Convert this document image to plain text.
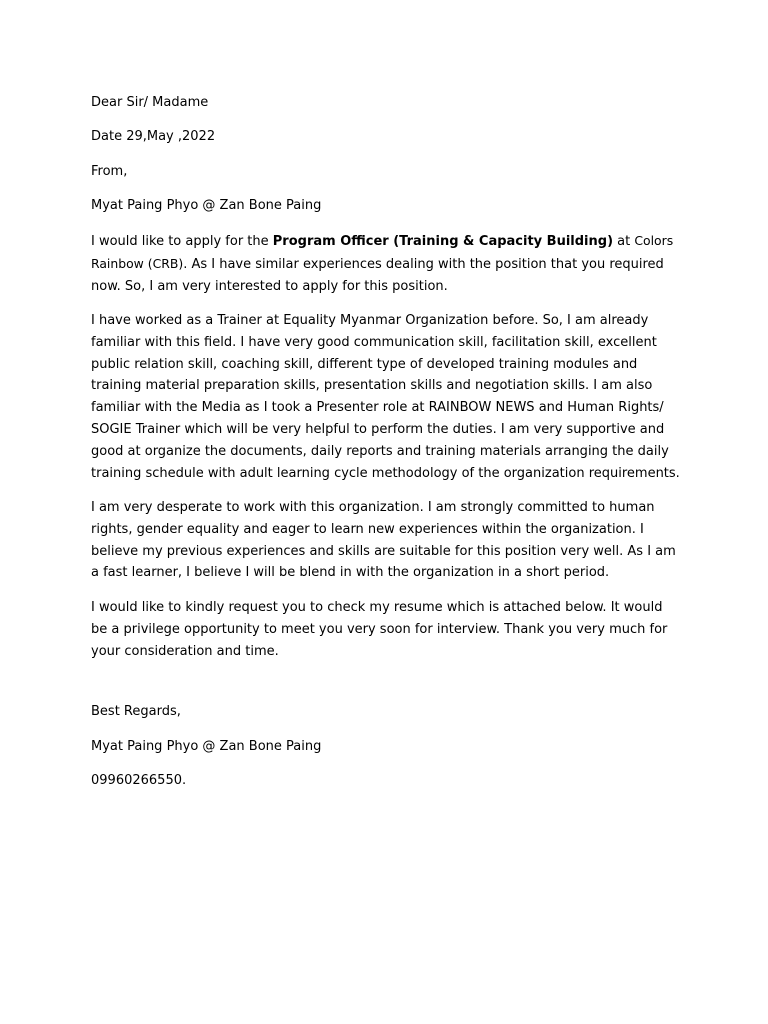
Dear Sir/ Madame

Date 29,May ,2022

From,

Myat Paing Phyo @ Zan Bone Paing

I would like to apply for the Program Officer (Training & Capacity Building) at Colors Rainbow (CRB). As I have similar experiences dealing with the position that you required now. So, I am very interested to apply for this position.

I have worked as a Trainer at Equality Myanmar Organization before. So, I am already familiar with this field. I have very good communication skill, facilitation skill, excellent public relation skill, coaching skill, different type of developed training modules and training material preparation skills, presentation skills and negotiation skills. I am also familiar with the Media as I took a Presenter role at RAINBOW NEWS and Human Rights/ SOGIE Trainer which will be very helpful to perform the duties. I am very supportive and good at organize the documents, daily reports and training materials arranging the daily training schedule with adult learning cycle methodology of the organization requirements.

I am very desperate to work with this organization. I am strongly committed to human rights, gender equality and eager to learn new experiences within the organization. I believe my previous experiences and skills are suitable for this position very well. As I am a fast learner, I believe I will be blend in with the organization in a short period.

I would like to kindly request you to check my resume which is attached below. It would be a privilege opportunity to meet you very soon for interview. Thank you very much for your consideration and time.

Best Regards,

Myat Paing Phyo @ Zan Bone Paing

09960266550.
